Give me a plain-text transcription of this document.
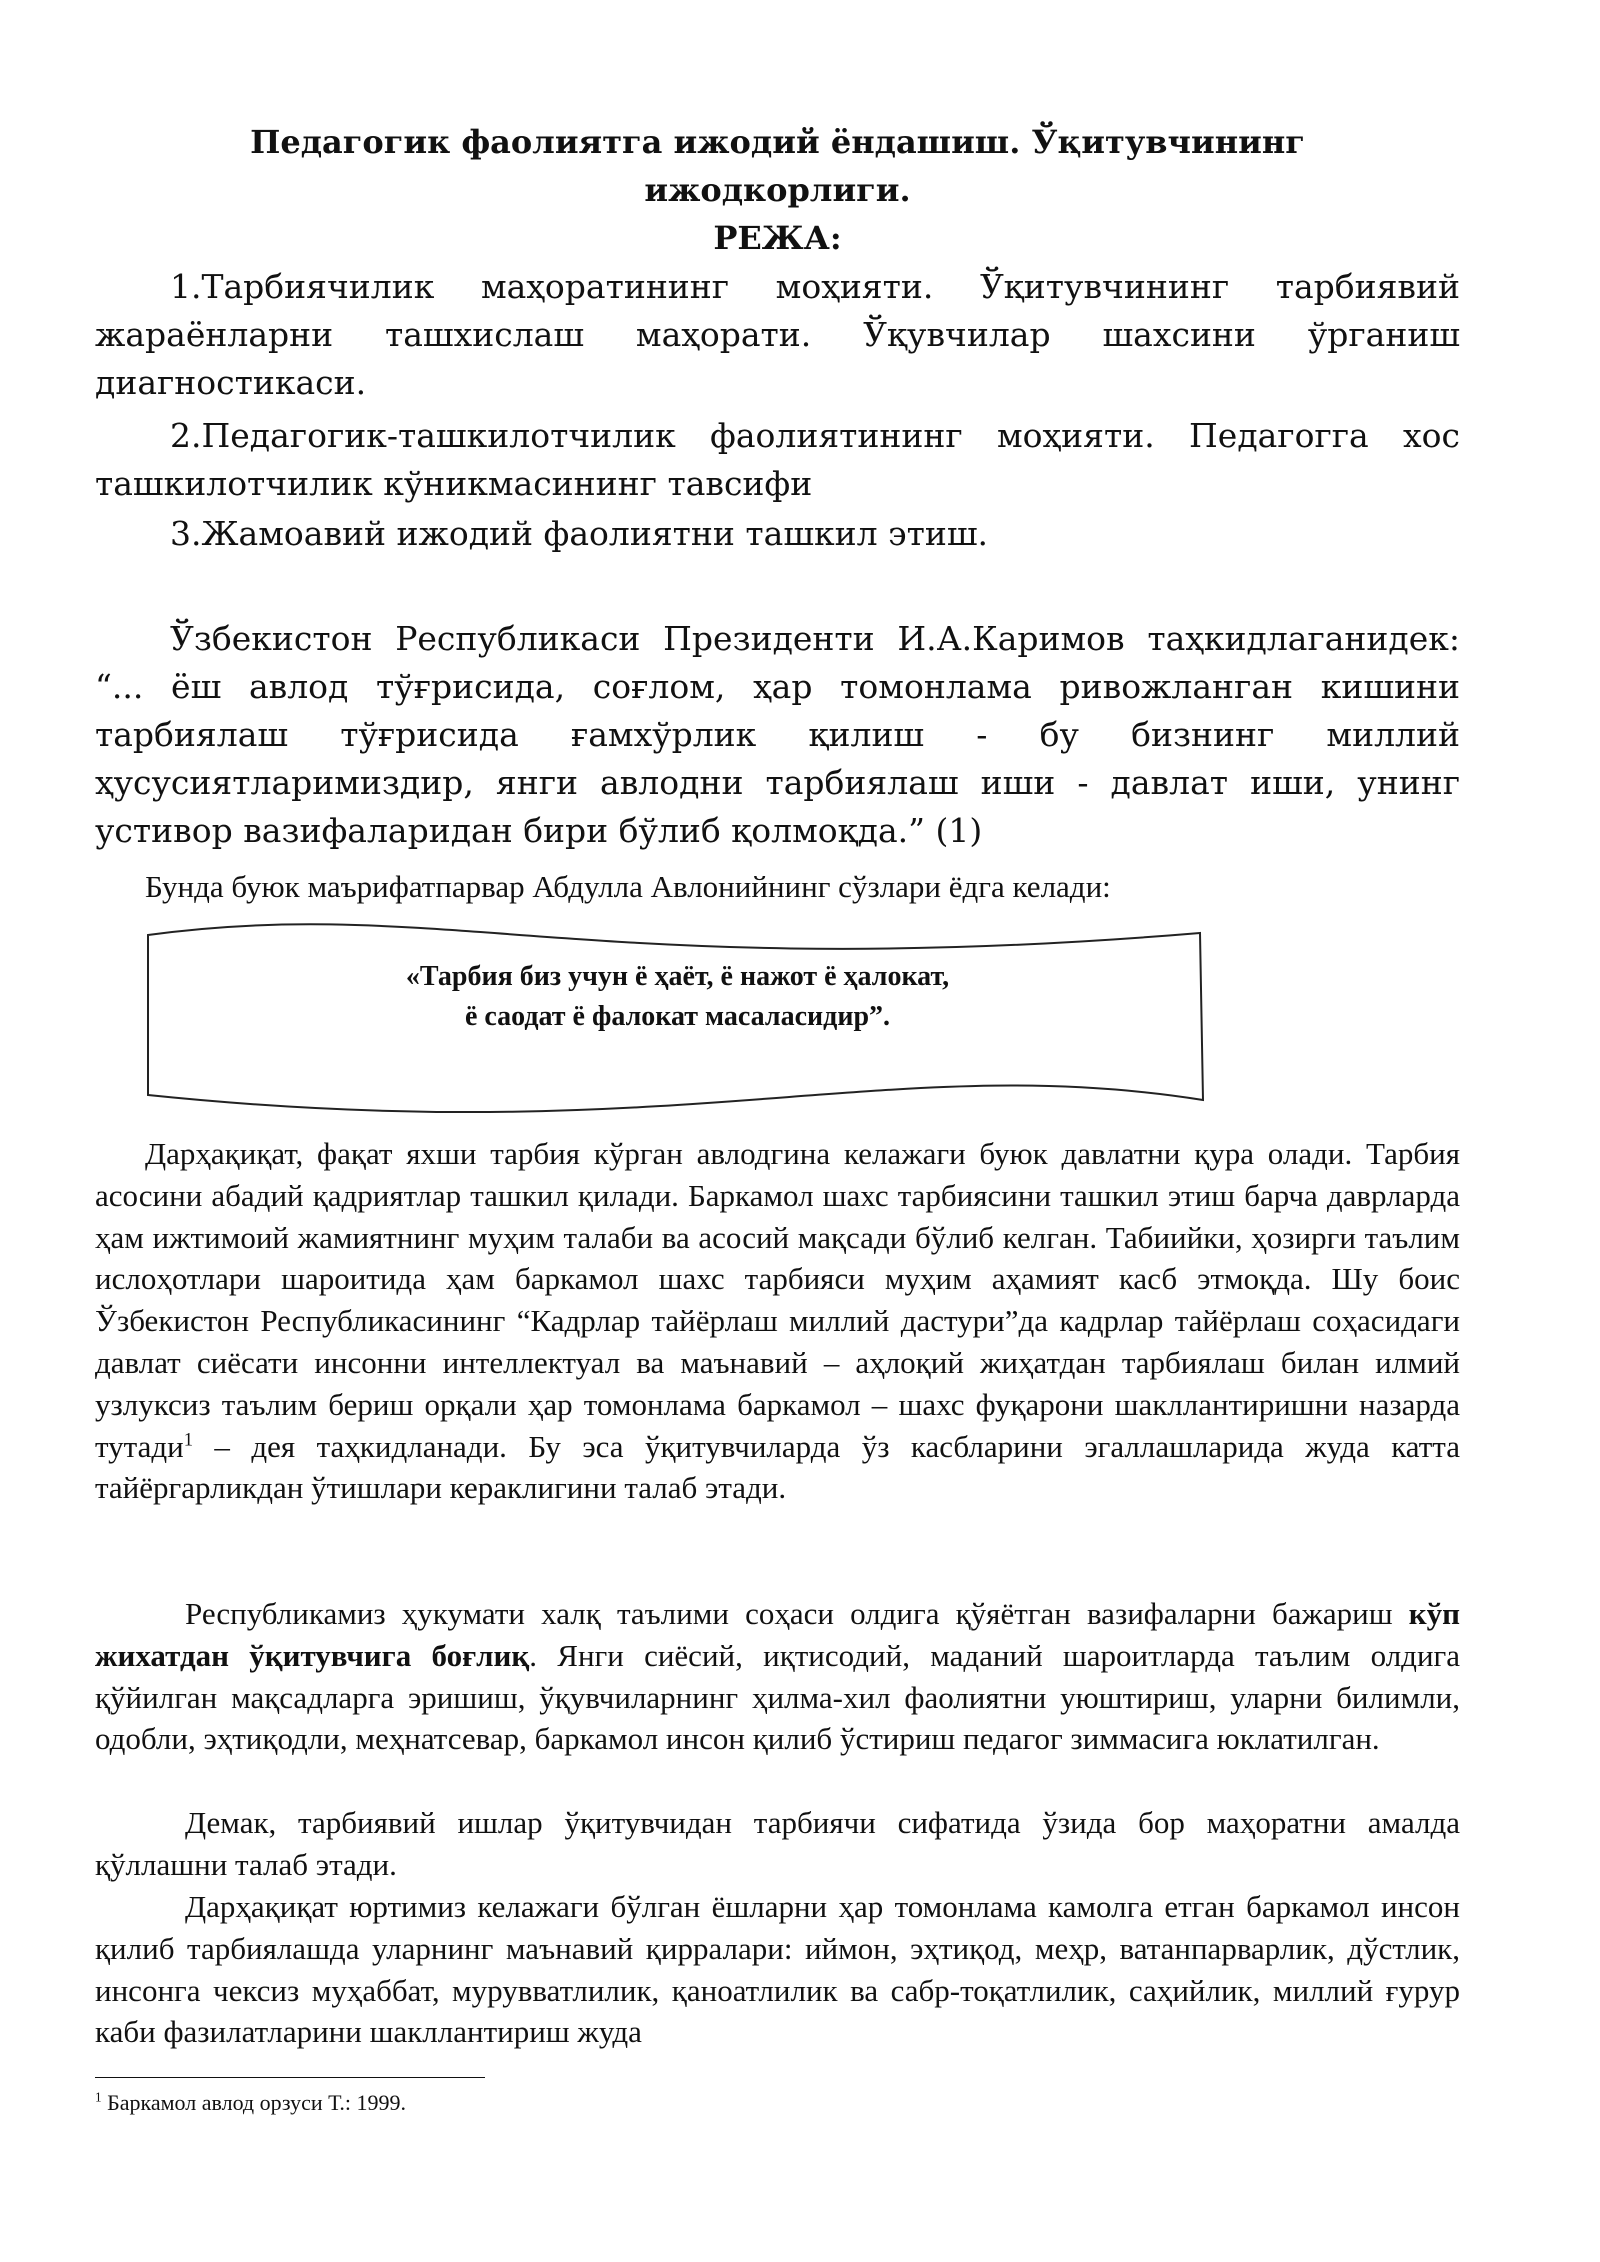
Педагогик фаолиятга ижодий ёндашиш. Ўқитувчининг
ижодкорлиги.
РЕЖА:

1.Тарбиячилик маҳоратининг моҳияти. Ўқитувчининг тарбиявий жараёнларни ташхислаш маҳорати. Ўқувчилар шахсини ўрганиш диагностикаси.

2.Педагогик-ташкилотчилик фаолиятининг моҳияти. Педагогга хос ташкилотчилик кўникмасининг тавсифи

3.Жамоавий ижодий фаолиятни ташкил этиш.

Ўзбекистон Республикаси Президенти И.А.Каримов таҳкидлаганидек: “... ёш авлод тўғрисида, соғлом, ҳар томонлама ривожланган кишини тарбиялаш тўғрисида ғамхўрлик қилиш - бу бизнинг миллий ҳусусиятларимиздир, янги авлодни тарбиялаш иши - давлат иши, унинг устивор вазифаларидан бири бўлиб қолмоқда.” (1)

Бунда буюк маърифатпарвар Абдулла Авлонийнинг сўзлари ёдга келади:

«Тарбия биз учун ё ҳаёт, ё нажот ё ҳалокат,
ё саодат ё фалокат масаласидир”.

Дарҳақиқат, фақат яхши тарбия кўрган авлодгина келажаги буюк давлатни қура олади. Тарбия асосини абадий қадриятлар ташкил қилади. Баркамол шахс тарбиясини ташкил этиш барча даврларда ҳам ижтимоий жамиятнинг муҳим талаби ва асосий мақсади бўлиб келган. Табиийки, ҳозирги таълим ислоҳотлари шароитида ҳам баркамол шахс тарбияси муҳим аҳамият касб этмоқда. Шу боис Ўзбекистон Республикасининг “Кадрлар тайёрлаш миллий дастури”да кадрлар тайёрлаш соҳасидаги давлат сиёсати инсонни интеллектуал ва маънавий – аҳлоқий жиҳатдан тарбиялаш билан илмий узлуксиз таълим бериш орқали ҳар томонлама баркамол – шахс фуқарони шакллантиришни назарда тутади$^1$ – дея таҳкидланади. Бу эса ўқитувчиларда ўз касбларини эгаллашларида жуда катта тайёргарликдан ўтишлари кераклигини талаб этади.

Республикамиз ҳукумати халқ таълими соҳаси олдига қўяётган вазифаларни бажариш кўп жихатдан ўқитувчига боғлиқ. Янги сиёсий, иқтисодий, маданий шароитларда таълим олдига қўйилган мақсадларга эришиш, ўқувчиларнинг ҳилма-хил фаолиятни уюштириш, уларни билимли, одобли, эҳтиқодли, меҳнатсевар, баркамол инсон қилиб ўстириш педагог зиммасига юклатилган.

Демак, тарбиявий ишлар ўқитувчидан тарбиячи сифатида ўзида бор маҳоратни амалда қўллашни талаб этади.

Дарҳақиқат юртимиз келажаги бўлган ёшларни ҳар томонлама камолга етган баркамол инсон қилиб тарбиялашда уларнинг маънавий қирралари: иймон, эҳтиқод, меҳр, ватанпарварлик, дўстлик, инсонга чексиз муҳаббат, мурувватлилик, қаноатлилик ва сабр-тоқатлилик, саҳийлик, миллий ғурур каби фазилатларини шакллантириш жуда

$^1$ Баркамол авлод орзуси Т.: 1999.
